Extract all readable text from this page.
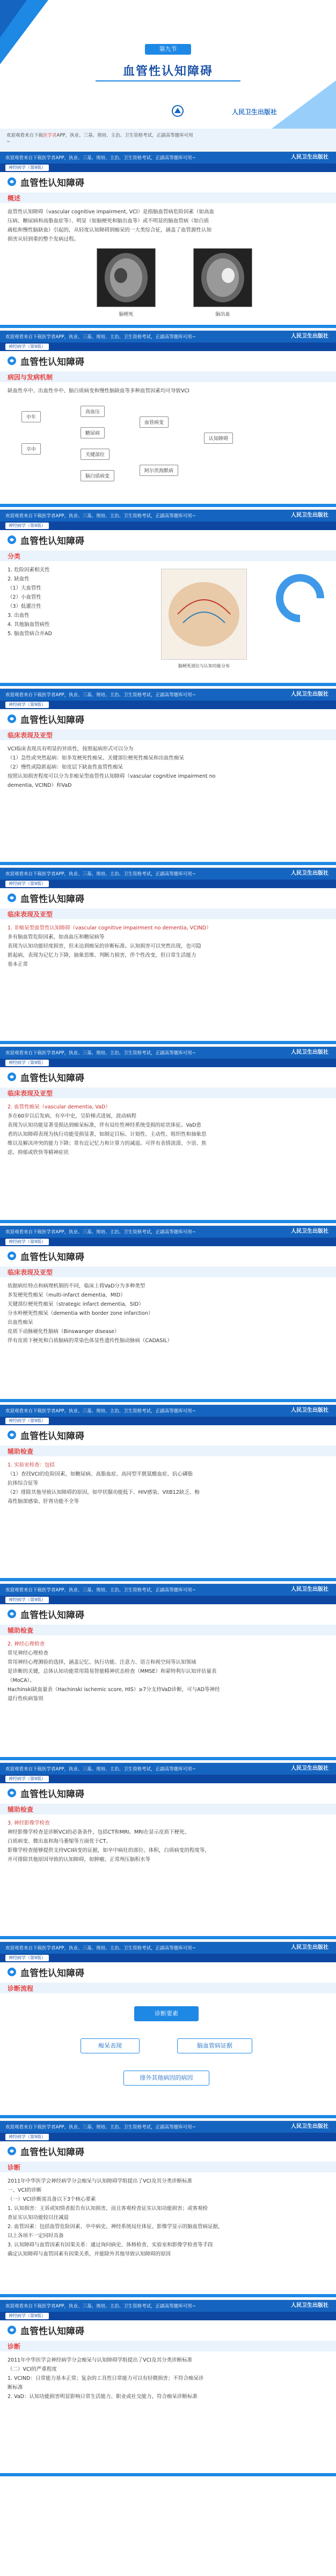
第九节
血管性认知障碍
人民卫生出版社
欢迎观看来自下载医学者APP，执业、三基、规培、主治、卫生资格考试，正副高等题库可用
~
欢迎观看来自下载医学者APP，执业、三基、规培、主治、卫生资格考试，正副高等题库可用~	人民卫生出版社
神经病学（第9版）
血管性认知障碍
概述

血管性认知障碍（vascular cognitive impairment, VCI）是指脑血管病危险因素（如高血

压病、糖尿病和高脂血症等）、明显（如脑梗死和脑出血等）或不明显的脑血管病（如白质

疏松和慢性脑缺血）引起的，从轻度认知障碍到痴呆的一大类综合征，涵盖了血管源性认知

损害从轻到重的整个发病过程。

脑梗死	脑出血
欢迎观看来自下载医学者APP，执业、三基、规培、主治、卫生资格考试，正副高等题库可用~	人民卫生出版社
神经病学（第9版）
血管性认知障碍
病因与发病机制

缺血性卒中、出血性卒中、脑白质病变和慢性脑缺血等多种血管因素均可导致VCI

中年
高血压
糖尿病
血管病变
认知障碍
关键部位
卒中
阿尔茨海默病
脑白质病变
欢迎观看来自下载医学者APP，执业、三基、规培、主治、卫生资格考试，正副高等题库可用~	人民卫生出版社
神经病学（第9版）
血管性认知障碍
分类

1. 危险因素相关性

2. 缺血性

（1）大血管性

（2）小血管性

（3）低灌注性

3. 出血性

4. 其他脑血管病性

5. 脑血管病合并AD

脑梗死部位与认知功能分布
欢迎观看来自下载医学者APP，执业、三基、规培、主治、卫生资格考试，正副高等题库可用~	人民卫生出版社
神经病学（第9版）
血管性认知障碍
临床表现及亚型

VCI临床表现具有明显的异质性，按照起病形式可以分为

（1）急性或突然起病：如多发梗死性痴呆、关键部位梗死性痴呆和出血性痴呆

（2）慢性或隐匿起病：如皮层下缺血性血管性痴呆

按照认知损害程度可以分为非痴呆型血管性认知障碍（vascular cognitive impairment no

dementia, VCIND）和VaD

欢迎观看来自下载医学者APP，执业、三基、规培、主治、卫生资格考试，正副高等题库可用~	人民卫生出版社
神经病学（第9版）
血管性认知障碍
临床表现及亚型

1. 非痴呆型血管性认知障碍（vascular cognitive impairment no dementia, VCIND）

多有脑血管危险因素，如高血压和糖尿病等

表现为认知功能轻度损害，但未达到痴呆的诊断标准。认知损害可以突然出现，也可隐

匿起病，表现为记忆力下降，抽象思维、判断力损害，伴个性改变，但日常生活能力

基本正常

欢迎观看来自下载医学者APP，执业、三基、规培、主治、卫生资格考试，正副高等题库可用~	人民卫生出版社
神经病学（第9版）
血管性认知障碍
临床表现及亚型

2. 血管性痴呆（vascular dementia, VaD）

多在60岁以后发病，有卒中史，呈阶梯式进展，波动病程

表现为认知功能显著受损达到痴呆标准，伴有局灶性神经系统受损的症状体征。VaD患

者的认知障碍表现为执行功能受损显著，如制定目标、计划性、主动性、组织性和抽象思

维以及解决冲突的能力下降；常有近记忆力和计算力的减退。可伴有表情淡漠、少语、焦

虑、抑郁或欣快等精神症状

欢迎观看来自下载医学者APP，执业、三基、规培、主治、卫生资格考试，正副高等题库可用~	人民卫生出版社
神经病学（第9版）
血管性认知障碍
临床表现及亚型

依据病灶特点和病理机制的不同，临床上将VaD分为多种类型

多发梗死性痴呆（multi-infarct dementia，MID）

关键部位梗死性痴呆（strategic infarct dementia，SID）

分水岭梗死性痴呆（dementia with border zone infarction）

出血性痴呆

皮质下动脉硬化性脑病（Binswanger disease）

伴有皮质下梗死和白质脑病的常染色体显性遗传性脑动脉病（CADASIL）

欢迎观看来自下载医学者APP，执业、三基、规培、主治、卫生资格考试，正副高等题库可用~	人民卫生出版社
神经病学（第9版）
血管性认知障碍
辅助检查

1. 实验室检查：包括

（1）查找VCI的危险因素，如糖尿病、高脂血症、高同型半胱氨酸血症、抗心磷脂

抗体综合征等

（2）排除其他导致认知障碍的原因，如甲状腺功能低下、HIV感染、VitB12缺乏、梅

毒性脑部感染、肝肾功能不全等

欢迎观看来自下载医学者APP，执业、三基、规培、主治、卫生资格考试，正副高等题库可用~	人民卫生出版社
神经病学（第9版）
血管性认知障碍
辅助检查

2. 神经心理检查

常见神经心理检查

常用神经心理测验的选择，涵盖记忆、执行功能、注意力、语言和视空间等认知领域

是诊断的关键，总体认知功能常用简易智能精神状态检查（MMSE）和蒙特利尔认知评估量表

（MoCA）。

Hachinski缺血量表（Hachinski ischemic score, HIS）≥7分支持VaD诊断，可与AD等神经

退行性疾病鉴别

欢迎观看来自下载医学者APP，执业、三基、规培、主治、卫生资格考试，正副高等题库可用~	人民卫生出版社
神经病学（第9版）
血管性认知障碍
辅助检查

3. 神经影像学检查

神经影像学检查是诊断VCI的必备条件，包括CT和MRI。MRI在显示皮质下梗死、

白质病变、微出血和海马萎缩等方面优于CT。

影像学检查能够提供支持VCI病变的证据，如卒中病灶的部位、体积，白质病变的程度等，

并可排除其他原因导致的认知障碍，如肿瘤、正常颅压脑积水等

欢迎观看来自下载医学者APP，执业、三基、规培、主治、卫生资格考试，正副高等题库可用~	人民卫生出版社
神经病学（第9版）
血管性认知障碍
诊断流程
诊断要素
痴呆表现	脑血管病证据
排外其他病因的病因
欢迎观看来自下载医学者APP，执业、三基、规培、主治、卫生资格考试，正副高等题库可用~	人民卫生出版社
神经病学（第9版）
血管性认知障碍
诊断

2011年中华医学会神经病学分会痴呆与认知障碍学组提出了VCI及其分类诊断标准

一、VCI的诊断

（一）VCI诊断需具备以下3个核心要素

1. 认知损害：主诉或知情者报告有认知损害，而且客观检查证实认知功能损害；或客观检

查证实认知功能较以往减退

2. 血管因素：包括血管危险因素、卒中病史、神经系统局灶体征、影像学显示的脑血管病证据，

以上各项不一定同时具备

3. 认知障碍与血管因素有因果关系：通过询问病史、体格检查、实验室和影像学检查等手段

确定认知障碍与血管因素有因果关系，并能除外其他导致认知障碍的原因

欢迎观看来自下载医学者APP，执业、三基、规培、主治、卫生资格考试，正副高等题库可用~	人民卫生出版社
神经病学（第9版）
血管性认知障碍
诊断

2011年中华医学会神经病学分会痴呆与认知障碍学组提出了VCI及其分类诊断标准

（二）VCI的严重程度

1. VCIND：日常能力基本正常；复杂的工具性日常能力可以有轻微损害；不符合痴呆诊

断标准

2. VaD：认知功能损害明显影响日常生活能力、职业或社交能力，符合痴呆诊断标准
